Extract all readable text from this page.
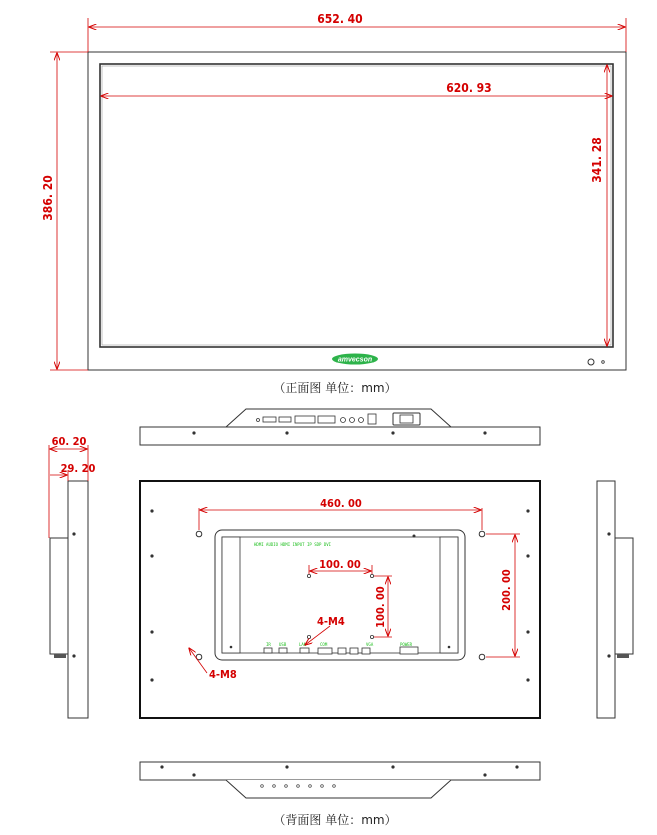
652. 40
386. 20
620. 93
341. 28
amvecson
（正面图 单位：mm）
60. 20
29. 20
HDMI AUDIO HDMI INPUT IP SDP DVI
IR USB	LAN	COM	VGA	POWER
460. 00
200. 00
100. 00
100. 00
4-M4
4-M8
（背面图 单位：mm）
